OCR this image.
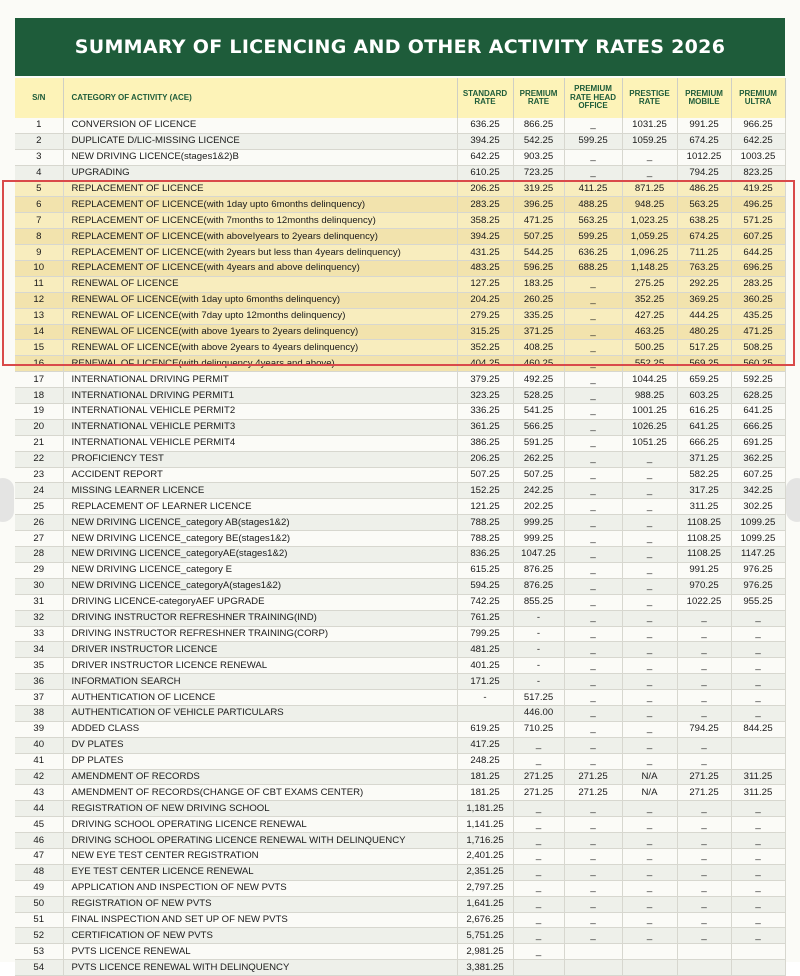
SUMMARY OF LICENCING AND OTHER ACTIVITY RATES 2026
S/N	CATEGORY OF ACTIVITY (ACE)	STANDARD RATE	PREMIUM RATE	PREMIUM RATE HEAD OFFICE	PRESTIGE RATE	PREMIUM MOBILE	PREMIUM ULTRA
1	CONVERSION OF LICENCE	636.25	866.25	_	1031.25	991.25	966.25
2	DUPLICATE D/LIC-MISSING LICENCE	394.25	542.25	599.25	1059.25	674.25	642.25
3	NEW DRIVING LICENCE(stages1&2)B	642.25	903.25	_	_	1012.25	1003.25
4	UPGRADING	610.25	723.25	_	_	794.25	823.25
5	REPLACEMENT OF LICENCE	206.25	319.25	411.25	871.25	486.25	419.25
6	REPLACEMENT OF LICENCE(with 1day upto 6months delinquency)	283.25	396.25	488.25	948.25	563.25	496.25
7	REPLACEMENT OF LICENCE(with 7months to 12months delinquency)	358.25	471.25	563.25	1,023.25	638.25	571.25
8	REPLACEMENT OF LICENCE(with aboveIyears to 2years delinquency)	394.25	507.25	599.25	1,059.25	674.25	607.25
9	REPLACEMENT OF LICENCE(with 2years but less than 4years delinquency)	431.25	544.25	636.25	1,096.25	711.25	644.25
10	REPLACEMENT OF LICENCE(with 4years and above delinquency)	483.25	596.25	688.25	1,148.25	763.25	696.25
11	RENEWAL OF LICENCE	127.25	183.25	_	275.25	292.25	283.25
12	RENEWAL OF LICENCE(with 1day upto 6months delinquency)	204.25	260.25	_	352.25	369.25	360.25
13	RENEWAL OF LICENCE(with 7day upto 12months delinquency)	279.25	335.25	_	427.25	444.25	435.25
14	RENEWAL OF LICENCE(with above 1years to 2years delinquency)	315.25	371.25	_	463.25	480.25	471.25
15	RENEWAL OF LICENCE(with above 2years to 4years delinquency)	352.25	408.25	_	500.25	517.25	508.25
16	RENEWAL OF LICENCE(with delinquency 4years and above)	404.25	460.25	_	552.25	569.25	560.25
17	INTERNATIONAL DRIVING PERMIT	379.25	492.25	_	1044.25	659.25	592.25
18	INTERNATIONAL DRIVING PERMIT1	323.25	528.25	_	988.25	603.25	628.25
19	INTERNATIONAL VEHICLE PERMIT2	336.25	541.25	_	1001.25	616.25	641.25
20	INTERNATIONAL VEHICLE PERMIT3	361.25	566.25	_	1026.25	641.25	666.25
21	INTERNATIONAL VEHICLE PERMIT4	386.25	591.25	_	1051.25	666.25	691.25
22	PROFICIENCY TEST	206.25	262.25	_	_	371.25	362.25
23	ACCIDENT REPORT	507.25	507.25	_	_	582.25	607.25
24	MISSING LEARNER LICENCE	152.25	242.25	_	_	317.25	342.25
25	REPLACEMENT OF LEARNER LICENCE	121.25	202.25	_	_	311.25	302.25
26	NEW DRIVING LICENCE_category AB(stages1&2)	788.25	999.25	_	_	1108.25	1099.25
27	NEW DRIVING LICENCE_category BE(stages1&2)	788.25	999.25	_	_	1108.25	1099.25
28	NEW DRIVING LICENCE_categoryAE(stages1&2)	836.25	1047.25	_	_	1108.25	1147.25
29	NEW DRIVING LICENCE_category E	615.25	876.25	_	_	991.25	976.25
30	NEW DRIVING LICENCE_categoryA(stages1&2)	594.25	876.25	_	_	970.25	976.25
31	DRIVING LICENCE-categoryAEF UPGRADE	742.25	855.25	_	_	1022.25	955.25
32	DRIVING INSTRUCTOR REFRESHNER TRAINING(IND)	761.25	-	_	_	_	_
33	DRIVING INSTRUCTOR REFRESHNER TRAINING(CORP)	799.25	-	_	_	_	_
34	DRIVER INSTRUCTOR LICENCE	481.25	-	_	_	_	_
35	DRIVER INSTRUCTOR LICENCE RENEWAL	401.25	-	_	_	_	_
36	INFORMATION SEARCH	171.25	-	_	_	_	_
37	AUTHENTICATION OF LICENCE	-	517.25	_	_	_	_
38	AUTHENTICATION OF VEHICLE PARTICULARS		446.00	_	_	_	_
39	ADDED CLASS	619.25	710.25	_	_	794.25	844.25
40	DV PLATES	417.25	_	_	_	_	
41	DP PLATES	248.25	_	_	_	_	
42	AMENDMENT OF RECORDS	181.25	271.25	271.25	N/A	271.25	311.25
43	AMENDMENT OF RECORDS(CHANGE OF CBT EXAMS CENTER)	181.25	271.25	271.25	N/A	271.25	311.25
44	REGISTRATION OF NEW DRIVING SCHOOL	1,181.25	_	_	_	_	_
45	DRIVING SCHOOL OPERATING LICENCE RENEWAL	1,141.25	_	_	_	_	_
46	DRIVING SCHOOL OPERATING LICENCE RENEWAL WITH DELINQUENCY	1,716.25	_	_	_	_	_
47	NEW EYE TEST CENTER REGISTRATION	2,401.25	_	_	_	_	_
48	EYE TEST CENTER LICENCE RENEWAL	2,351.25	_	_	_	_	_
49	APPLICATION AND INSPECTION OF NEW PVTS	2,797.25	_	_	_	_	_
50	REGISTRATION OF NEW PVTS	1,641.25	_	_	_	_	_
51	FINAL INSPECTION AND SET UP OF NEW PVTS	2,676.25	_	_	_	_	_
52	CERTIFICATION OF NEW PVTS	5,751.25	_	_	_	_	_
53	PVTS LICENCE RENEWAL	2,981.25	_				
54	PVTS LICENCE RENEWAL WITH DELINQUENCY	3,381.25					
